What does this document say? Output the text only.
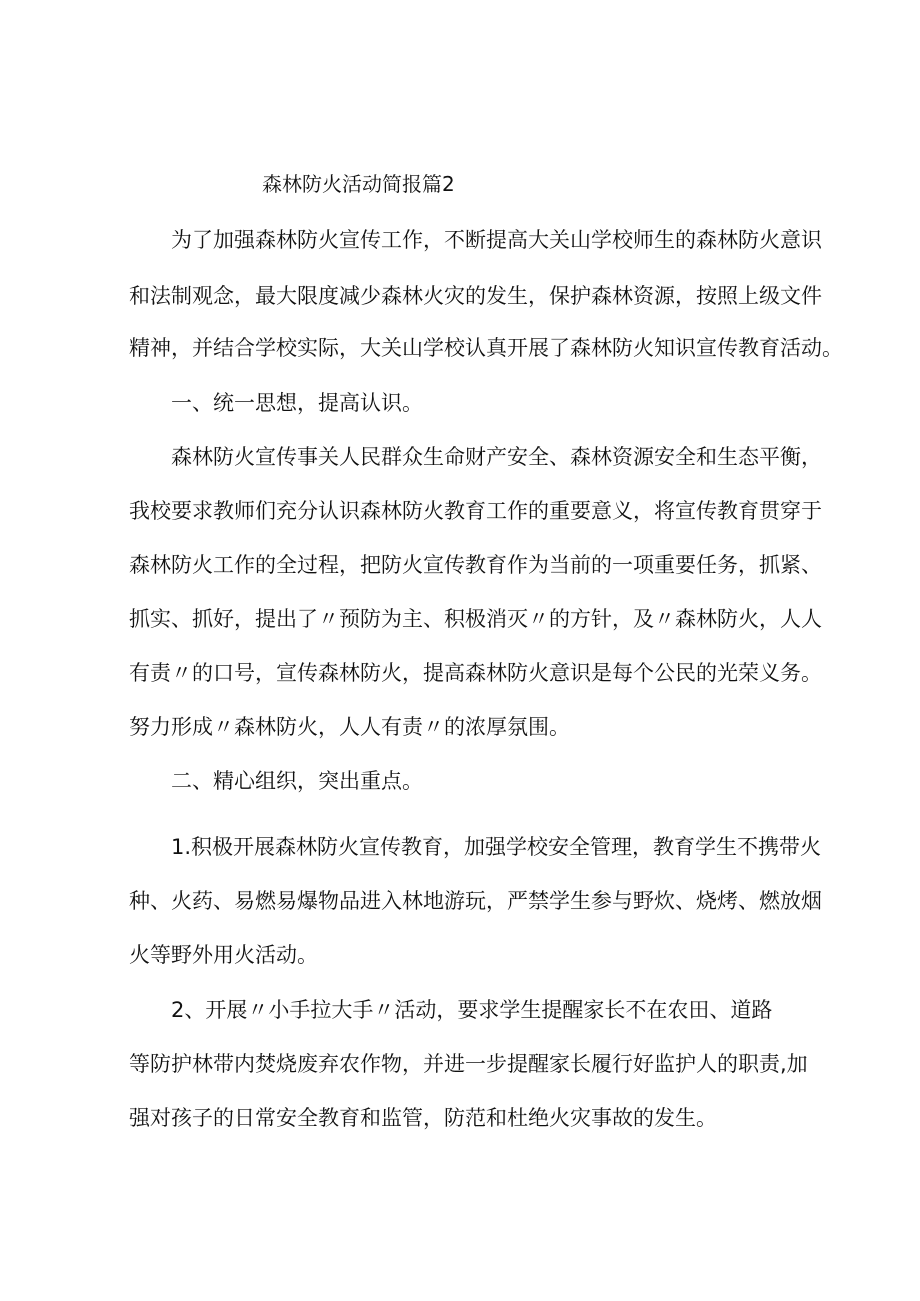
森林防火活动简报篇2
为了加强森林防火宣传工作，不断提高大关山学校师生的森林防火意识
和法制观念，最大限度减少森林火灾的发生，保护森林资源，按照上级文件
精神，并结合学校实际，大关山学校认真开展了森林防火知识宣传教育活动。
一、统一思想，提高认识。
森林防火宣传事关人民群众生命财产安全、森林资源安全和生态平衡，
我校要求教师们充分认识森林防火教育工作的重要意义，将宣传教育贯穿于
森林防火工作的全过程，把防火宣传教育作为当前的一项重要任务，抓紧、
抓实、抓好，提出了〃预防为主、积极消灭〃的方针，及〃森林防火，人人
有责〃的口号，宣传森林防火，提高森林防火意识是每个公民的光荣义务。
努力形成〃森林防火，人人有责〃的浓厚氛围。
二、精心组织，突出重点。
1.积极开展森林防火宣传教育，加强学校安全管理，教育学生不携带火
种、火药、易燃易爆物品进入林地游玩，严禁学生参与野炊、烧烤、燃放烟
火等野外用火活动。
2、开展〃小手拉大手〃活动，要求学生提醒家长不在农田、道路
等防护林带内焚烧废弃农作物，并进一步提醒家长履行好监护人的职责,加
强对孩子的日常安全教育和监管，防范和杜绝火灾事故的发生。
